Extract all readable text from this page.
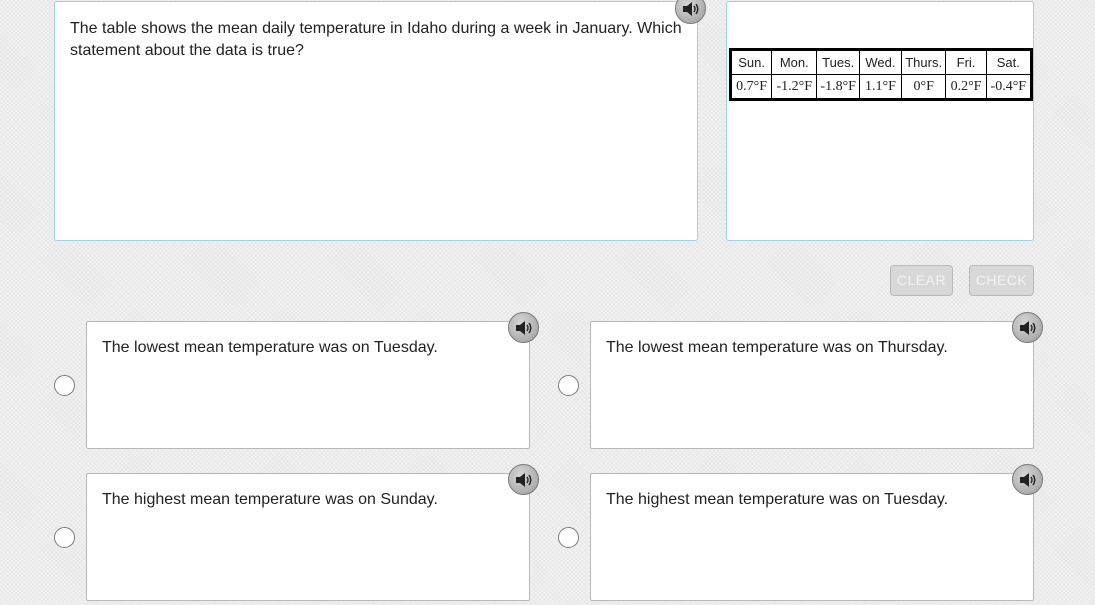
The table shows the mean daily temperature in Idaho during a week in January. Which statement about the data is true?
Sun.	Mon.	Tues.	Wed.	Thurs.	Fri.	Sat.
0.7°F	-1.2°F	-1.8°F	1.1°F	0°F	0.2°F	-0.4°F
CLEAR	CHECK
The lowest mean temperature was on Tuesday.	The lowest mean temperature was on Thursday.
The highest mean temperature was on Sunday.	The highest mean temperature was on Tuesday.
